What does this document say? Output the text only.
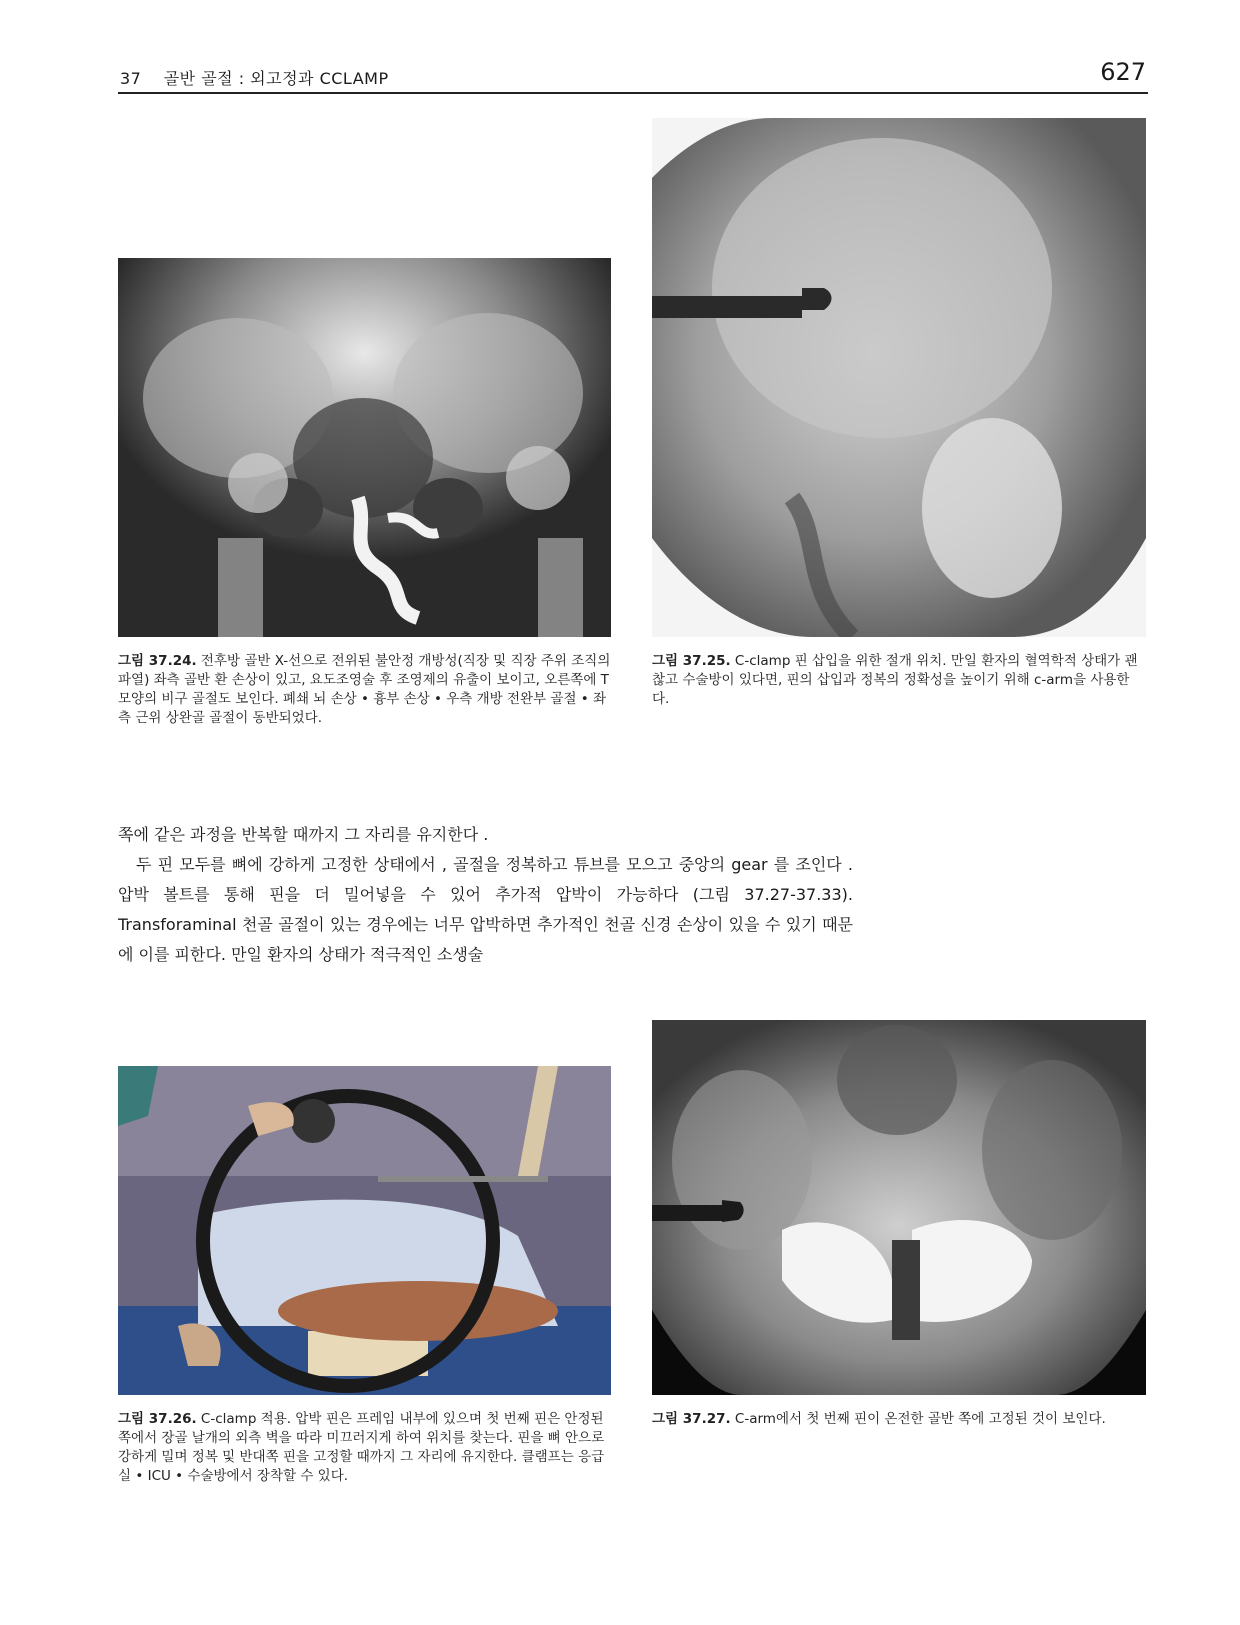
37 골반 골절 : 외고정과 CCLAMP	627
그림 37.24. 전후방 골반 X-선으로 전위된 불안정 개방성(직장 및 직장 주위 조직의 파열) 좌측 골반 환 손상이 있고, 요도조영술 후 조영제의 유출이 보이고, 오른쪽에 T 모양의 비구 골절도 보인다. 폐쇄 뇌 손상 • 흉부 손상 • 우측 개방 전완부 골절 • 좌측 근위 상완골 골절이 동반되었다.
그림 37.25. C-clamp 핀 삽입을 위한 절개 위치. 만일 환자의 혈역학적 상태가 괜찮고 수술방이 있다면, 핀의 삽입과 정복의 정확성을 높이기 위해 c-arm을 사용한다.

쪽에 같은 과정을 반복할 때까지 그 자리를 유지한다 .

두 핀 모두를 뼈에 강하게 고정한 상태에서 , 골절을 정복하고 튜브를 모으고 중앙의 gear 를 조인다 . 압박 볼트를 통해 핀을 더 밀어넣을 수 있어 추가적 압박이 가능하다 (그림 37.27-37.33). Transforaminal 천골 골절이 있는 경우에는 너무 압박하면 추가적인 천골 신경 손상이 있을 수 있기 때문에 이를 피한다. 만일 환자의 상태가 적극적인 소생술

그림 37.26. C-clamp 적용. 압박 핀은 프레임 내부에 있으며 첫 번째 핀은 안정된 쪽에서 장골 날개의 외측 벽을 따라 미끄러지게 하여 위치를 찾는다. 핀을 뼈 안으로 강하게 밀며 정복 및 반대쪽 핀을 고정할 때까지 그 자리에 유지한다. 클램프는 응급실 • ICU • 수술방에서 장착할 수 있다.
그림 37.27. C-arm에서 첫 번째 핀이 온전한 골반 쪽에 고정된 것이 보인다.
